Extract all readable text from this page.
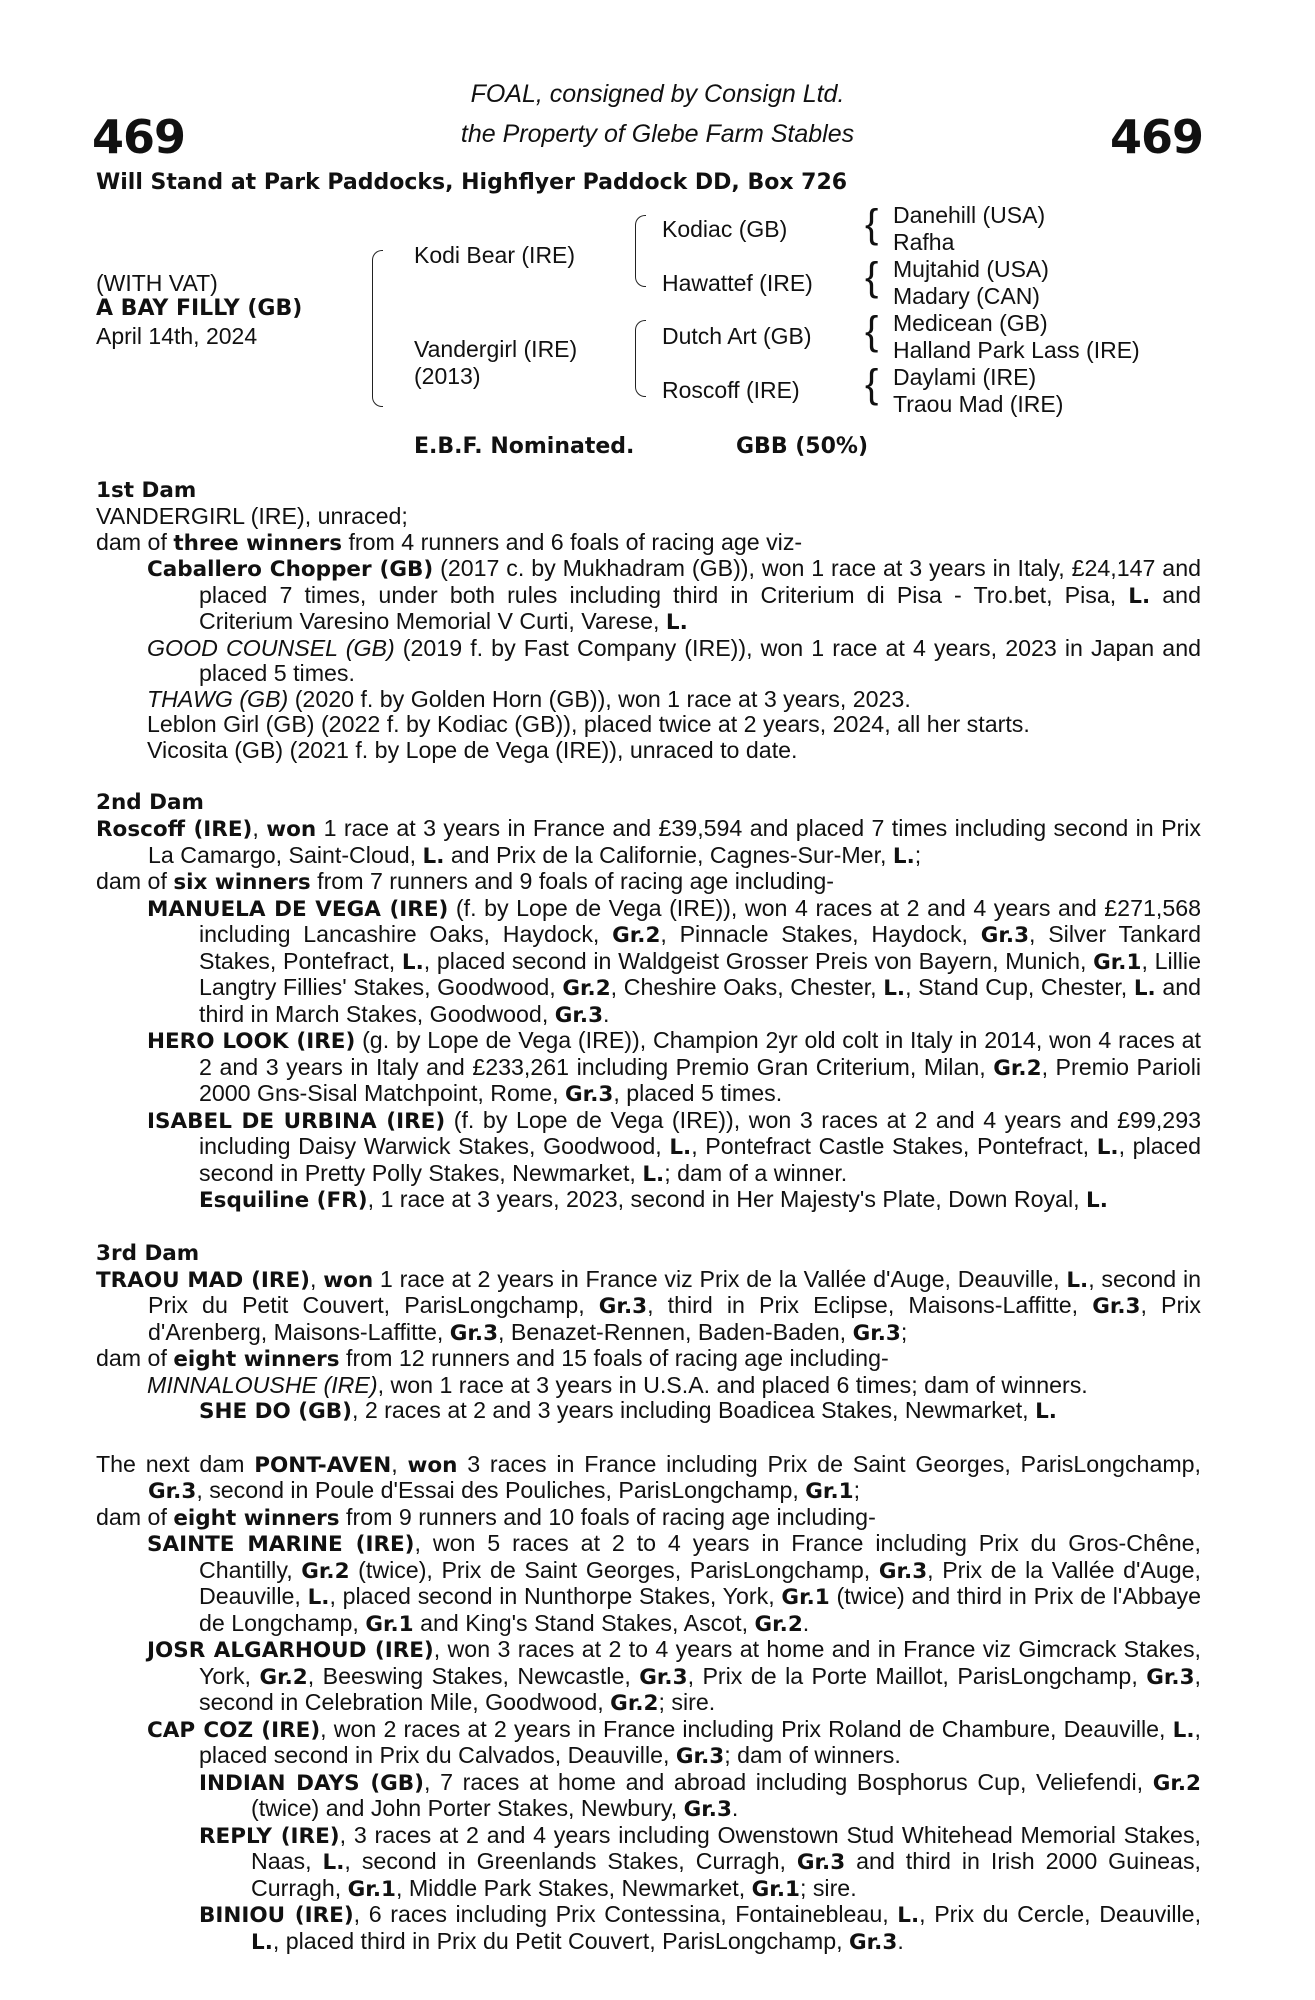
469	469
FOAL, consigned by Consign Ltd.
the Property of Glebe Farm Stables
Will Stand at Park Paddocks, Highflyer Paddock DD, Box 726
(WITH VAT)
A BAY FILLY (GB)
April 14th, 2024
{
{
{
{
Kodi Bear (IRE)
Vandergirl (IRE)
(2013)
Kodiac (GB)
Hawattef (IRE)
Dutch Art (GB)
Roscoff (IRE)
Danehill (USA)
Rafha
Mujtahid (USA)
Madary (CAN)
Medicean (GB)
Halland Park Lass (IRE)
Daylami (IRE)
Traou Mad (IRE)
E.B.F. Nominated.	GBB (50%)
1st Dam
VANDERGIRL (IRE), unraced;
dam of three winners from 4 runners and 6 foals of racing age viz-
Caballero Chopper (GB) (2017 c. by Mukhadram (GB)), won 1 race at 3 years in Italy, £24,147 and placed 7 times, under both rules including third in Criterium di Pisa - Tro.bet, Pisa, L. and Criterium Varesino Memorial V Curti, Varese, L.
GOOD COUNSEL (GB) (2019 f. by Fast Company (IRE)), won 1 race at 4 years, 2023 in Japan and placed 5 times.
THAWG (GB) (2020 f. by Golden Horn (GB)), won 1 race at 3 years, 2023.
Leblon Girl (GB) (2022 f. by Kodiac (GB)), placed twice at 2 years, 2024, all her starts.
Vicosita (GB) (2021 f. by Lope de Vega (IRE)), unraced to date.
2nd Dam
Roscoff (IRE), won 1 race at 3 years in France and £39,594 and placed 7 times including second in Prix La Camargo, Saint-Cloud, L. and Prix de la Californie, Cagnes-Sur-Mer, L.;
dam of six winners from 7 runners and 9 foals of racing age including-
MANUELA DE VEGA (IRE) (f. by Lope de Vega (IRE)), won 4 races at 2 and 4 years and £271,568 including Lancashire Oaks, Haydock, Gr.2, Pinnacle Stakes, Haydock, Gr.3, Silver Tankard Stakes, Pontefract, L., placed second in Waldgeist Grosser Preis von Bayern, Munich, Gr.1, Lillie Langtry Fillies' Stakes, Goodwood, Gr.2, Cheshire Oaks, Chester, L., Stand Cup, Chester, L. and third in March Stakes, Goodwood, Gr.3.
HERO LOOK (IRE) (g. by Lope de Vega (IRE)), Champion 2yr old colt in Italy in 2014, won 4 races at 2 and 3 years in Italy and £233,261 including Premio Gran Criterium, Milan, Gr.2, Premio Parioli 2000 Gns-Sisal Matchpoint, Rome, Gr.3, placed 5 times.
ISABEL DE URBINA (IRE) (f. by Lope de Vega (IRE)), won 3 races at 2 and 4 years and £99,293 including Daisy Warwick Stakes, Goodwood, L., Pontefract Castle Stakes, Pontefract, L., placed second in Pretty Polly Stakes, Newmarket, L.; dam of a winner.
Esquiline (FR), 1 race at 3 years, 2023, second in Her Majesty's Plate, Down Royal, L.
3rd Dam
TRAOU MAD (IRE), won 1 race at 2 years in France viz Prix de la Vallée d'Auge, Deauville, L., second in Prix du Petit Couvert, ParisLongchamp, Gr.3, third in Prix Eclipse, Maisons-Laffitte, Gr.3, Prix d'Arenberg, Maisons-Laffitte, Gr.3, Benazet-Rennen, Baden-Baden, Gr.3;
dam of eight winners from 12 runners and 15 foals of racing age including-
MINNALOUSHE (IRE), won 1 race at 3 years in U.S.A. and placed 6 times; dam of winners.
SHE DO (GB), 2 races at 2 and 3 years including Boadicea Stakes, Newmarket, L.
The next dam PONT-AVEN, won 3 races in France including Prix de Saint Georges, ParisLongchamp, Gr.3, second in Poule d'Essai des Pouliches, ParisLongchamp, Gr.1;
dam of eight winners from 9 runners and 10 foals of racing age including-
SAINTE MARINE (IRE), won 5 races at 2 to 4 years in France including Prix du Gros-Chêne, Chantilly, Gr.2 (twice), Prix de Saint Georges, ParisLongchamp, Gr.3, Prix de la Vallée d'Auge, Deauville, L., placed second in Nunthorpe Stakes, York, Gr.1 (twice) and third in Prix de l'Abbaye de Longchamp, Gr.1 and King's Stand Stakes, Ascot, Gr.2.
JOSR ALGARHOUD (IRE), won 3 races at 2 to 4 years at home and in France viz Gimcrack Stakes, York, Gr.2, Beeswing Stakes, Newcastle, Gr.3, Prix de la Porte Maillot, ParisLongchamp, Gr.3, second in Celebration Mile, Goodwood, Gr.2; sire.
CAP COZ (IRE), won 2 races at 2 years in France including Prix Roland de Chambure, Deauville, L., placed second in Prix du Calvados, Deauville, Gr.3; dam of winners.
INDIAN DAYS (GB), 7 races at home and abroad including Bosphorus Cup, Veliefendi, Gr.2 (twice) and John Porter Stakes, Newbury, Gr.3.
REPLY (IRE), 3 races at 2 and 4 years including Owenstown Stud Whitehead Memorial Stakes, Naas, L., second in Greenlands Stakes, Curragh, Gr.3 and third in Irish 2000 Guineas, Curragh, Gr.1, Middle Park Stakes, Newmarket, Gr.1; sire.
BINIOU (IRE), 6 races including Prix Contessina, Fontainebleau, L., Prix du Cercle, Deauville, L., placed third in Prix du Petit Couvert, ParisLongchamp, Gr.3.
